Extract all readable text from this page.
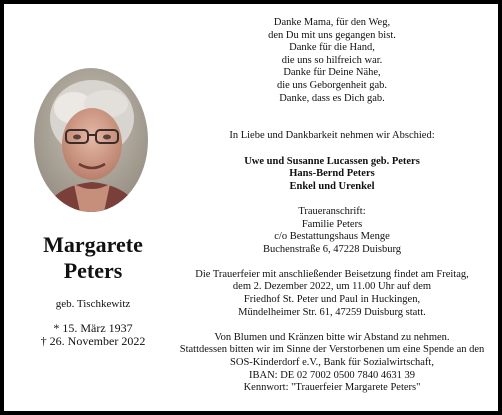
Margarete
Peters
geb. Tischkewitz
* 15. März 1937
† 26. November 2022
Danke Mama, für den Weg,
den Du mit uns gegangen bist.
Danke für die Hand,
die uns so hilfreich war.
Danke für Deine Nähe,
die uns Geborgenheit gab.
Danke, dass es Dich gab.
In Liebe und Dankbarkeit nehmen wir Abschied:
Uwe und Susanne Lucassen geb. Peters
Hans-Bernd Peters
Enkel und Urenkel
Traueranschrift:
Familie Peters
c/o Bestattungshaus Menge
Buchenstraße 6, 47228 Duisburg
Die Trauerfeier mit anschließender Beisetzung findet am Freitag,
dem 2. Dezember 2022, um 11.00 Uhr auf dem
Friedhof St. Peter und Paul in Huckingen,
Mündelheimer Str. 61, 47259 Duisburg statt.
Von Blumen und Kränzen bitte wir Abstand zu nehmen.
Stattdessen bitten wir im Sinne der Verstorbenen um eine Spende an den
SOS-Kinderdorf e.V., Bank für Sozialwirtschaft,
IBAN: DE 02 7002 0500 7840 4631 39
Kennwort: "Trauerfeier Margarete Peters"
